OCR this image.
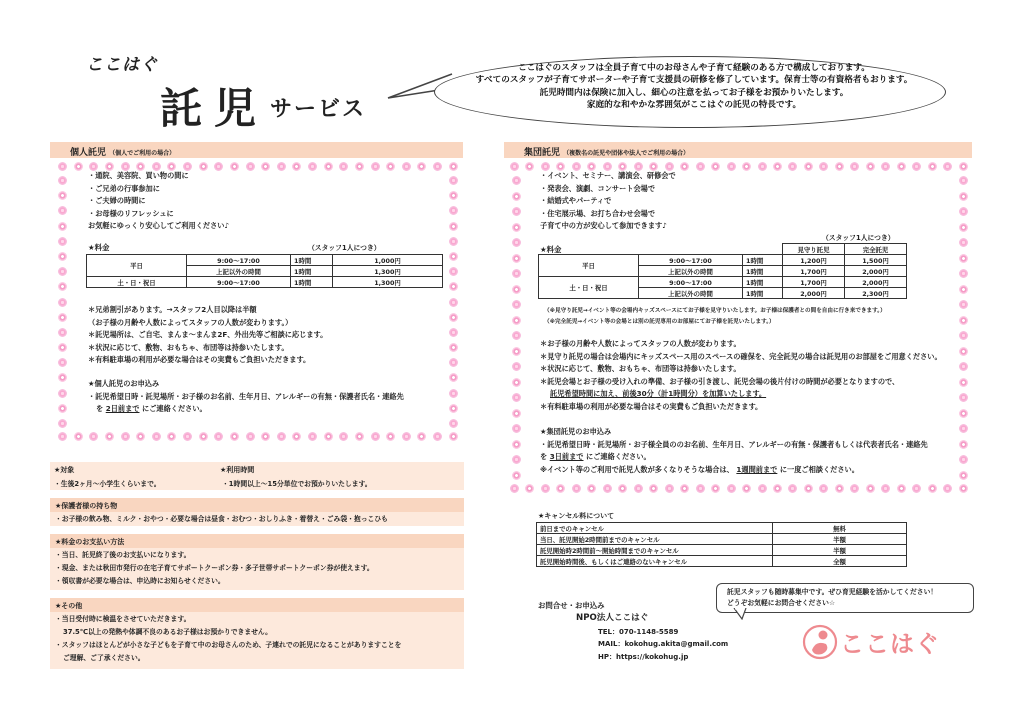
ここはぐ
託児 サービス
ここはぐのスタッフは全員子育て中のお母さんや子育て経験のある方で構成しております。
すべてのスタッフが子育てサポーターや子育て支援員の研修を修了しています。保育士等の有資格者もおります。
託児時間内は保険に加入し、細心の注意を払ってお子様をお預かりいたします。
家庭的な和やかな雰囲気がここはぐの託児の特長です。
個人託児 （個人でご利用の場合）
・通院、美容院、買い物の間に
・ご兄弟の行事参加に
・ご夫婦の時間に
・お母様のリフレッシュに
お気軽にゆっくり安心してご利用ください♪
★料金	（スタッフ1人につき）
平日	9:00～17:00	1時間	1,000円
	上記以外の時間	1時間	1,300円
土・日・祝日	9:00～17:00	1時間	1,300円
＊兄弟割引があります。→スタッフ2人目以降は半額
（お子様の月齢や人数によってスタッフの人数が変わります。）
＊託児場所は、ご自宅、まんま～まんま2F、外出先等ご相談に応じます。
＊状況に応じて、敷物、おもちゃ、布団等は持参いたします。
＊有料駐車場の利用が必要な場合はその実費もご負担いただきます。
★個人託児のお申込み
・託児希望日時・託児場所・お子様のお名前、生年月日、アレルギーの有無・保護者氏名・連絡先
を 2日前まで にご連絡ください。
集団託児 （複数名の託児や団体や法人でご利用の場合）
・イベント、セミナー、講演会、研修会で
・発表会、演劇、コンサート会場で
・結婚式やパーティで
・住宅展示場、お打ち合わせ会場で
子育て中の方が安心して参加できます♪
★料金
（スタッフ1人につき）
			見守り託児	完全託児
平日	9:00～17:00	1時間	1,200円	1,500円
	上記以外の時間	1時間	1,700円	2,000円
土・日・祝日	9:00～17:00	1時間	1,700円	2,000円
	上記以外の時間	1時間	2,000円	2,300円
（※見守り託児→イベント等の会場内キッズスペースにてお子様を見守りいたします。お子様は保護者との間を自由に行き来できます。）
（※完全託児→イベント等の会場とは別の託児専用のお部屋にてお子様を託児いたします。）
＊お子様の月齢や人数によってスタッフの人数が変わります。
＊見守り託児の場合は会場内にキッズスペース用のスペースの確保を、完全託児の場合は託児用のお部屋をご用意ください。
＊状況に応じて、敷物、おもちゃ、布団等は持参いたします。
＊託児会場とお子様の受け入れの準備、お子様の引き渡し、託児会場の後片付けの時間が必要となりますので、
託児希望時間に加え、前後30分（計1時間分）を加算いたします。
＊有料駐車場の利用が必要な場合はその実費もご負担いただきます。
★集団託児のお申込み
・託児希望日時・託児場所・お子様全員ののお名前、生年月日、アレルギーの有無・保護者もしくは代表者氏名・連絡先
を 3日前まで にご連絡ください。
※イベント等のご利用で託児人数が多くなりそうな場合は、 1週間前まで に一度ご相談ください。
★対象	★利用時間
・生後2ヶ月～小学生くらいまで。	・1時間以上～15分単位でお預かりいたします。
★保護者様の持ち物
・お子様の飲み物、ミルク・おやつ・必要な場合は昼食・おむつ・おしりふき・着替え・ごみ袋・抱っこひも
★料金のお支払い方法
・当日、託児終了後のお支払いになります。
・現金、または秋田市発行の在宅子育てサポートクーポン券・多子世帯サポートクーポン券が使えます。
・領収書が必要な場合は、申込時にお知らせください。
★その他
・当日受付時に検温をさせていただきます。
37.5℃以上の発熱や体調不良のあるお子様はお預かりできません。
・スタッフはほとんどが小さな子どもを子育て中のお母さんのため、子連れでの託児になることがありますことを
ご理解、ご了承ください。
★キャンセル料について
前日までのキャンセル	無料
当日、託児開始2時間前までのキャンセル	半額
託児開始時2時間前～開始時間までのキャンセル	半額
託児開始時間後、もしくはご連絡のないキャンセル	全額
託児スタッフも随時募集中です。ぜひ育児経験を活かしてください！
どうぞお気軽にお問合せください☆
お問合せ・お申込み
NPO法人ここはぐ
TEL：070-1148-5589
MAIL：kokohug.akita@gmail.com
HP：https://kokohug.jp	ここはぐ
